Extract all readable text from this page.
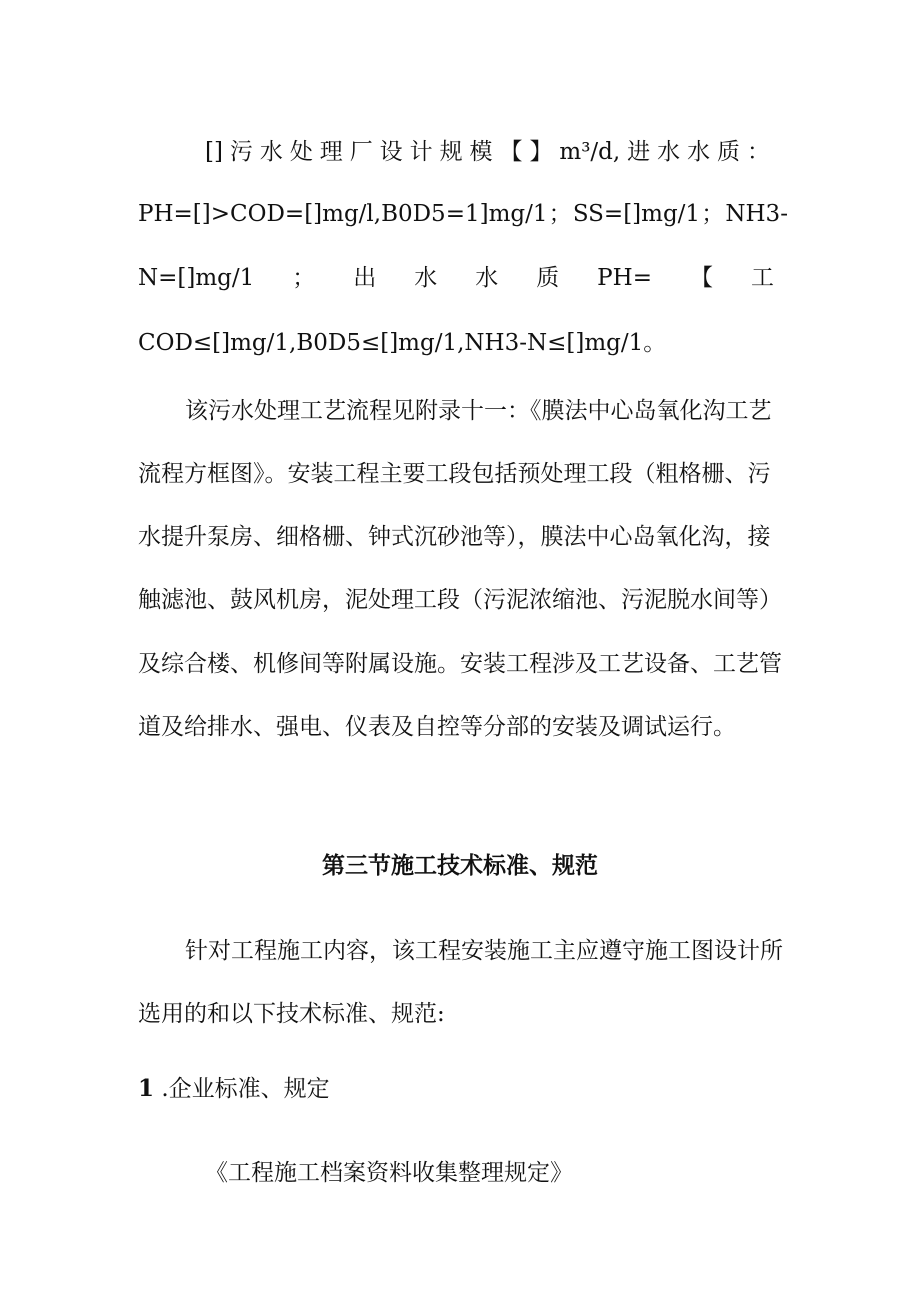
[] 污 水 处 理 厂 设 计 规 模 【 】 m³/d, 进 水 水 质 ：
PH=[]>COD=[]mg/l,B0D5=1]mg/1 ； SS=[]mg/1 ； NH3-
N=[]mg/1 ； 出 水 水 质 PH= 【 工
COD≤[]mg/1,B0D5≤[]mg/1,NH3-N≤[]mg/1。
该污水处理工艺流程见附录十一：《膜法中心岛氧化沟工艺
流程方框图》。安装工程主要工段包括预处理工段（粗格栅、污
水提升泵房、细格栅、钟式沉砂池等），膜法中心岛氧化沟，接
触滤池、鼓风机房，泥处理工段（污泥浓缩池、污泥脱水间等）
及综合楼、机修间等附属设施。安装工程涉及工艺设备、工艺管
道及给排水、强电、仪表及自控等分部的安装及调试运行。
第三节施工技术标准、规范
针对工程施工内容，该工程安装施工主应遵守施工图设计所
选用的和以下技术标准、规范:
1 .企业标准、规定
《工程施工档案资料收集整理规定》
